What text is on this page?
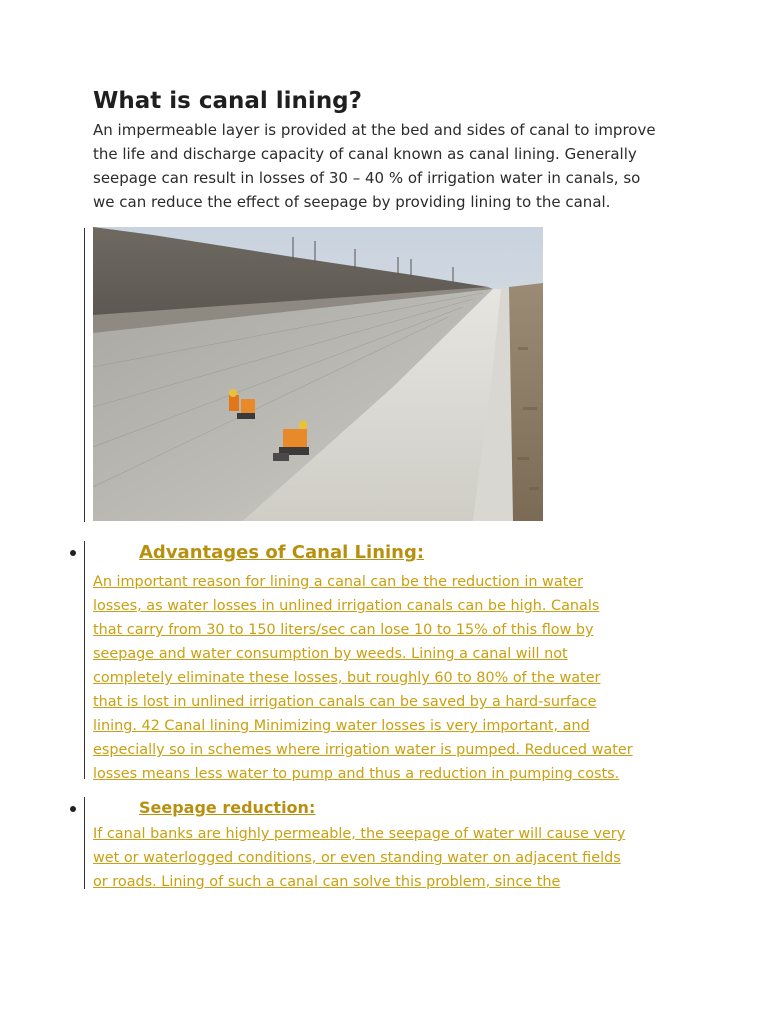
What is canal lining?

An impermeable layer is provided at the bed and sides of canal to improve
the life and discharge capacity of canal known as canal lining. Generally
seepage can result in losses of 30 – 40 % of irrigation water in canals, so
we can reduce the effect of seepage by providing lining to the canal.

Advantages of Canal Lining:

An important reason for lining a canal can be the reduction in water
losses, as water losses in unlined irrigation canals can be high. Canals
that carry from 30 to 150 liters/sec can lose 10 to 15% of this flow by
seepage and water consumption by weeds. Lining a canal will not
completely eliminate these losses, but roughly 60 to 80% of the water
that is lost in unlined irrigation canals can be saved by a hard-surface
lining. 42 Canal lining Minimizing water losses is very important, and
especially so in schemes where irrigation water is pumped. Reduced water
losses means less water to pump and thus a reduction in pumping costs.

Seepage reduction:

If canal banks are highly permeable, the seepage of water will cause very
wet or waterlogged conditions, or even standing water on adjacent fields
or roads. Lining of such a canal can solve this problem, since the
